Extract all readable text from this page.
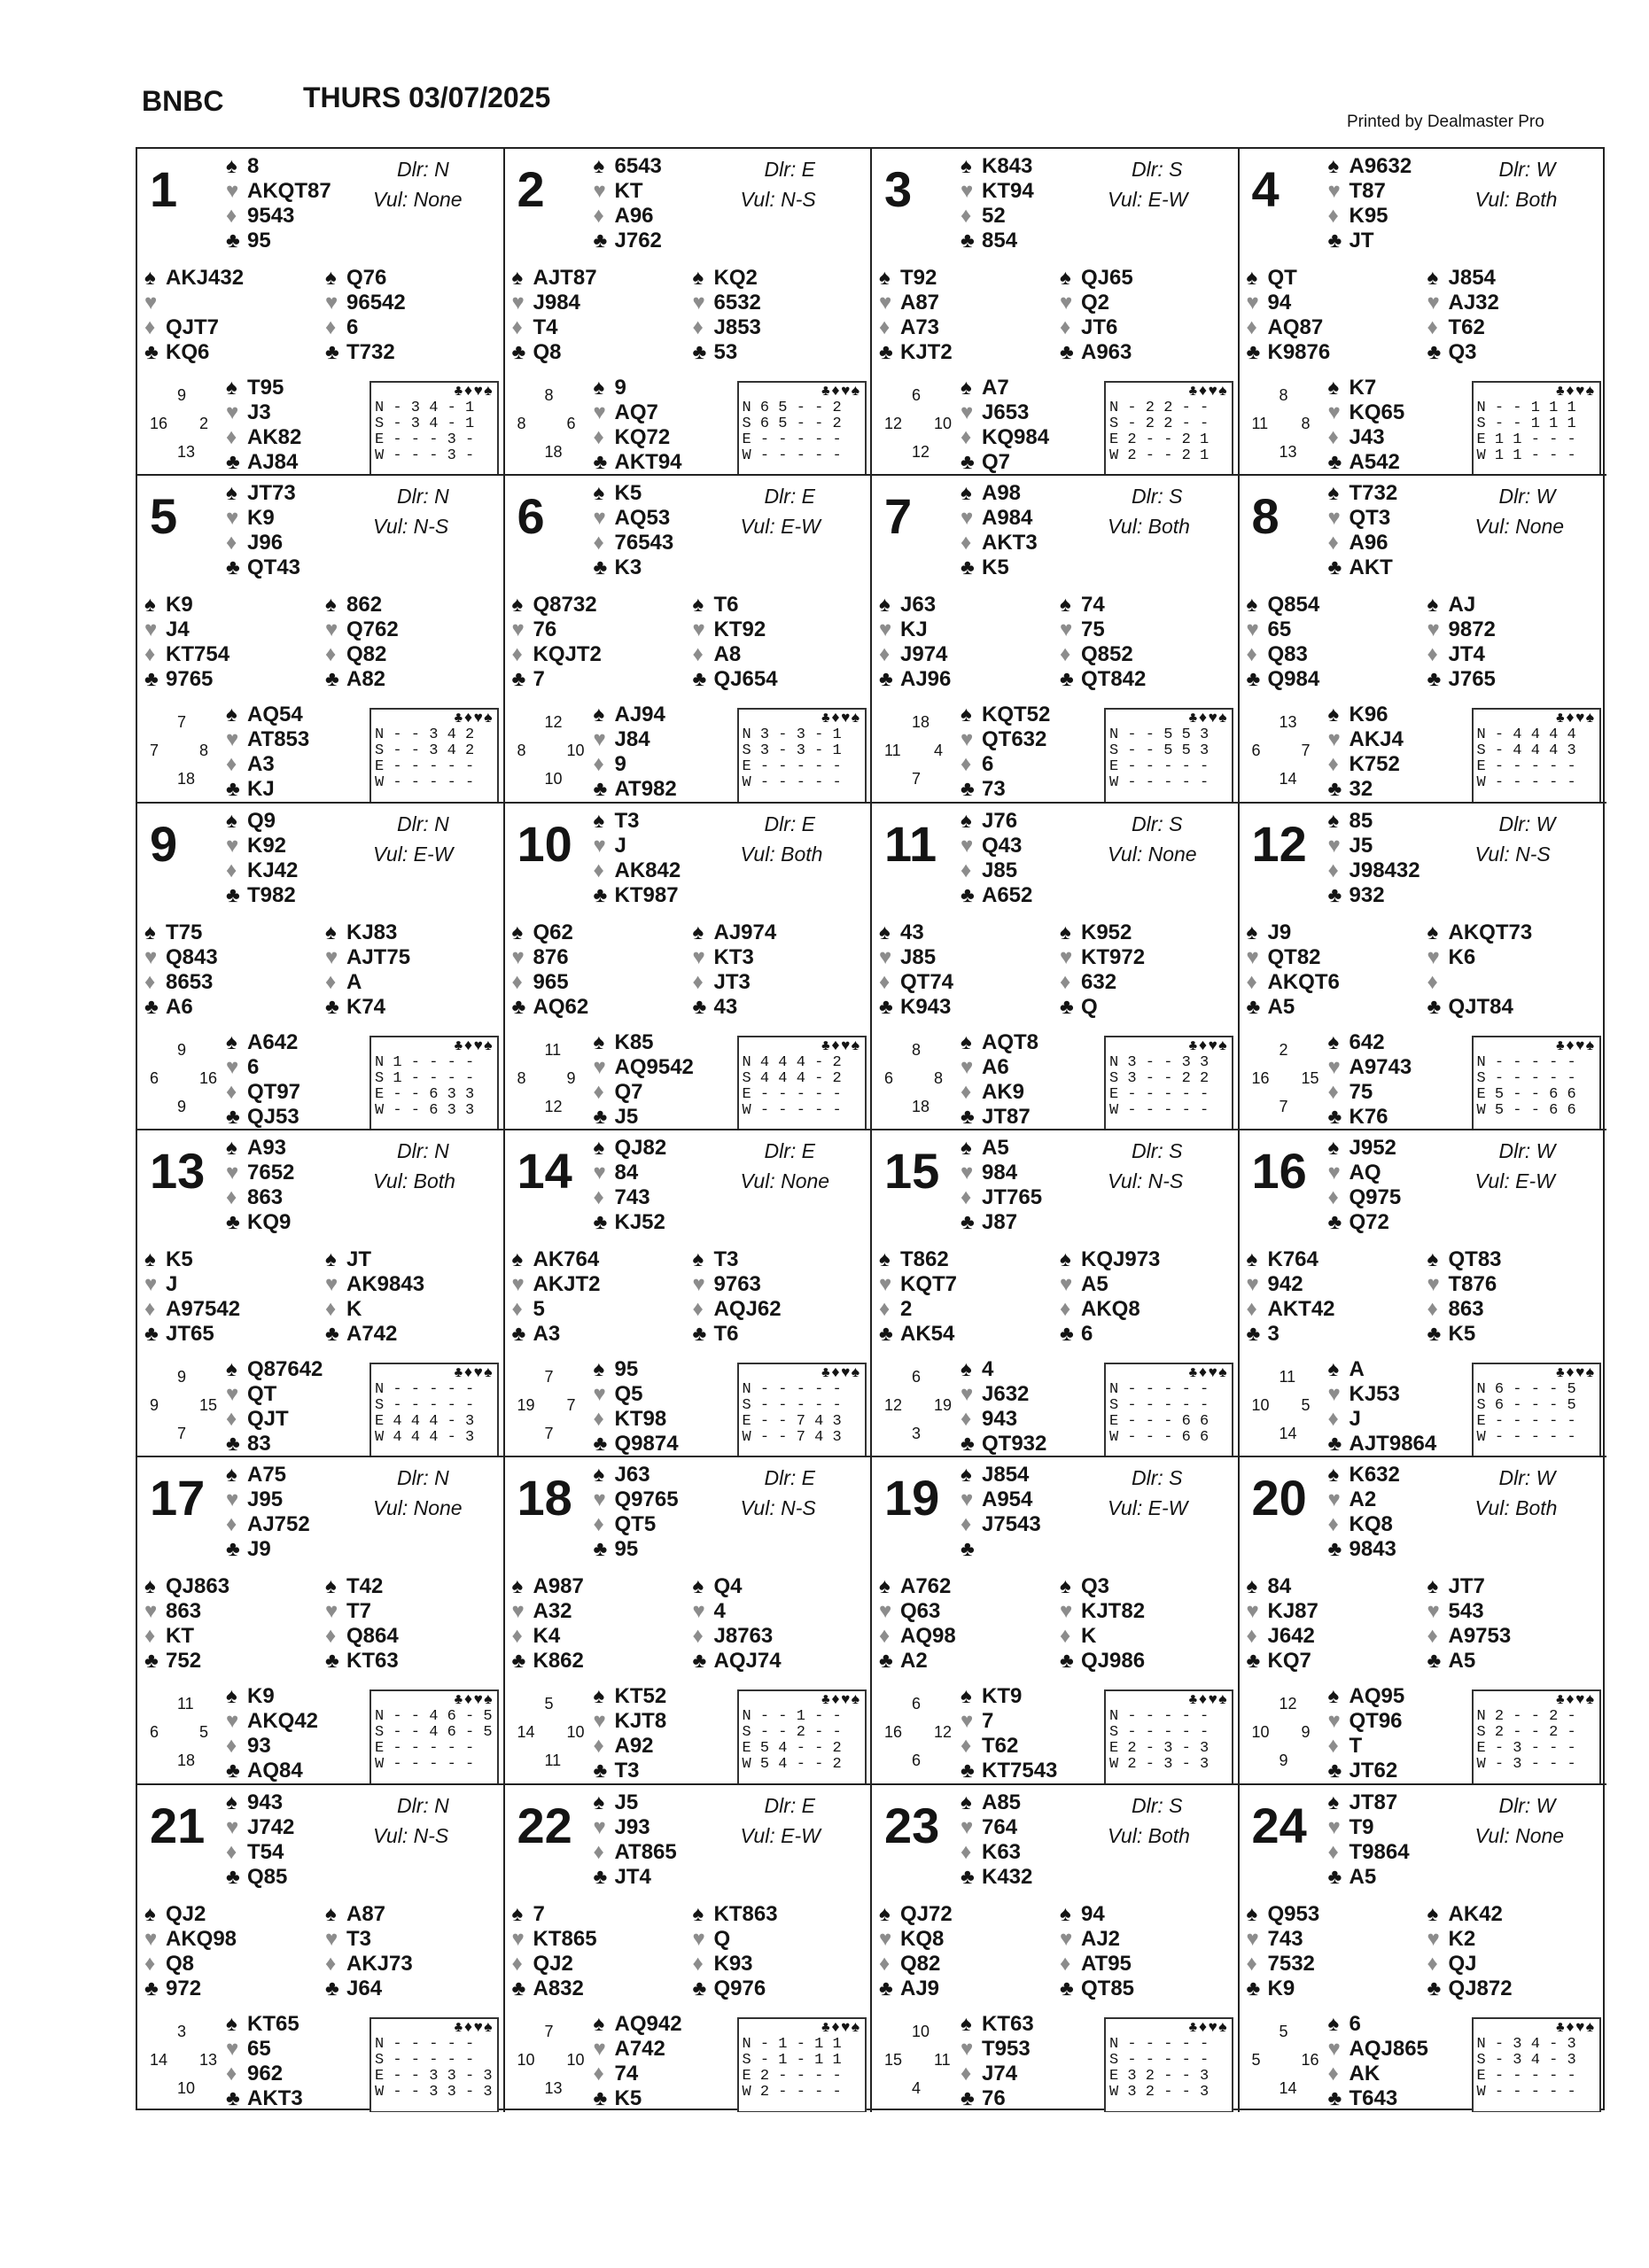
BNBC	THURS 03/07/2025
Printed by Dealmaster Pro
1	Dlr: N
Vul: None
♠ 8
♥ AKQT87
♦ 9543
♣ 95
♠ AKJ432
♥
♦ QJT7
♣ KQ6
♠ Q76
♥ 96542
♦ 6
♣ T732
♠ T95
♥ J3
♦ AK82
♣ AJ84
9
16 2
13
♣♦♥♠
N - 3 4 - 1
S - 3 4 - 1
E - - - 3 -
W - - - 3 -
2	Dlr: E
Vul: N-S
♠ 6543
♥ KT
♦ A96
♣ J762
♠ AJT87
♥ J984
♦ T4
♣ Q8
♠ KQ2
♥ 6532
♦ J853
♣ 53
♠ 9
♥ AQ7
♦ KQ72
♣ AKT94
8
8	6
18
♣♦♥♠
N 6 5 - - 2
S 6 5 - - 2
E - - - - -
W - - - - -
3	Dlr: S
Vul: E-W
♠ K843
♥ KT94
♦ 52
♣ 854
♠ T92
♥ A87
♦ A73
♣ KJT2
♠ QJ65
♥ Q2
♦ JT6
♣ A963
♠ A7
♥ J653
♦ KQ984
♣ Q7
6
12 10
12
♣♦♥♠
N - 2 2 - -
S - 2 2 - -
E 2 - - 2 1
W 2 - - 2 1
4	Dlr: W
Vul: Both
♠ A9632
♥ T87
♦ K95
♣ JT
♠ QT
♥ 94
♦ AQ87
♣ K9876
♠ J854
♥ AJ32
♦ T62
♣ Q3
♠ K7
♥ KQ65
♦ J43
♣ A542
8
11 8
13
♣♦♥♠
N - - 1 1 1
S - - 1 1 1
E 1 1 - - -
W 1 1 - - -
5	Dlr: N
Vul: N-S
♠ JT73
♥ K9
♦ J96
♣ QT43
♠ K9
♥ J4
♦ KT754
♣ 9765
♠ 862
♥ Q762
♦ Q82
♣ A82
♠ AQ54
♥ AT853
♦ A3
♣ KJ
7
7	8
18
♣♦♥♠
N - - 3 4 2
S - - 3 4 2
E - - - - -
W - - - - -
6	Dlr: E
Vul: E-W
♠ K5
♥ AQ53
♦ 76543
♣ K3
♠ Q8732
♥ 76
♦ KQJT2
♣ 7
♠ T6
♥ KT92
♦ A8
♣ QJ654
♠ AJ94
♥ J84
♦ 9
♣ AT982
12
8	10
10
♣♦♥♠
N 3 - 3 - 1
S 3 - 3 - 1
E - - - - -
W - - - - -
7	Dlr: S
Vul: Both
♠ A98
♥ A984
♦ AKT3
♣ K5
♠ J63
♥ KJ
♦ J974
♣ AJ96
♠ 74
♥ 75
♦ Q852
♣ QT842
♠ KQT52
♥ QT632
♦ 6
♣ 73
18
11 4
7
♣♦♥♠
N - - 5 5 3
S - - 5 5 3
E - - - - -
W - - - - -
8	Dlr: W
Vul: None
♠ T732
♥ QT3
♦ A96
♣ AKT
♠ Q854
♥ 65
♦ Q83
♣ Q984
♠ AJ
♥ 9872
♦ JT4
♣ J765
♠ K96
♥ AKJ4
♦ K752
♣ 32
13
6	7
14
♣♦♥♠
N - 4 4 4 4
S - 4 4 4 3
E - - - - -
W - - - - -
9	Dlr: N
Vul: E-W
♠ Q9
♥ K92
♦ KJ42
♣ T982
♠ T75
♥ Q843
♦ 8653
♣ A6
♠ KJ83
♥ AJT75
♦ A
♣ K74
♠ A642
♥ 6
♦ QT97
♣ QJ53
9
6	16
9
♣♦♥♠
N 1 - - - -
S 1 - - - -
E - - 6 3 3
W - - 6 3 3
10	Dlr: E
Vul: Both
♠ T3
♥ J
♦ AK842
♣ KT987
♠ Q62
♥ 876
♦ 965
♣ AQ62
♠ AJ974
♥ KT3
♦ JT3
♣ 43
♠ K85
♥ AQ9542
♦ Q7
♣ J5
11
8	9
12
♣♦♥♠
N 4 4 4 - 2
S 4 4 4 - 2
E - - - - -
W - - - - -
11	Dlr: S
Vul: None
♠ J76
♥ Q43
♦ J85
♣ A652
♠ 43
♥ J85
♦ QT74
♣ K943
♠ K952
♥ KT972
♦ 632
♣ Q
♠ AQT8
♥ A6
♦ AK9
♣ JT87
8
6	8
18
♣♦♥♠
N 3 - - 3 3
S 3 - - 2 2
E - - - - -
W - - - - -
12	Dlr: W
Vul: N-S
♠ 85
♥ J5
♦ J98432
♣ 932
♠ J9
♥ QT82
♦ AKQT6
♣ A5
♠ AKQT73
♥ K6
♦
♣ QJT84
♠ 642
♥ A9743
♦ 75
♣ K76
2
16 15
7
♣♦♥♠
N - - - - -
S - - - - -
E 5 - - 6 6
W 5 - - 6 6
13	Dlr: N
Vul: Both
♠ A93
♥ 7652
♦ 863
♣ KQ9
♠ K5
♥ J
♦ A97542
♣ JT65
♠ JT
♥ AK9843
♦ K
♣ A742
♠ Q87642
♥ QT
♦ QJT
♣ 83
9
9	15
7
♣♦♥♠
N - - - - -
S - - - - -
E 4 4 4 - 3
W 4 4 4 - 3
14	Dlr: E
Vul: None
♠ QJ82
♥ 84
♦ 743
♣ KJ52
♠ AK764
♥ AKJT2
♦ 5
♣ A3
♠ T3
♥ 9763
♦ AQJ62
♣ T6
♠ 95
♥ Q5
♦ KT98
♣ Q9874
7
19 7
7
♣♦♥♠
N - - - - -
S - - - - -
E - - 7 4 3
W - - 7 4 3
15	Dlr: S
Vul: N-S
♠ A5
♥ 984
♦ JT765
♣ J87
♠ T862
♥ KQT7
♦ 2
♣ AK54
♠ KQJ973
♥ A5
♦ AKQ8
♣ 6
♠ 4
♥ J632
♦ 943
♣ QT932
6
12 19
3
♣♦♥♠
N - - - - -
S - - - - -
E - - - 6 6
W - - - 6 6
16	Dlr: W
Vul: E-W
♠ J952
♥ AQ
♦ Q975
♣ Q72
♠ K764
♥ 942
♦ AKT42
♣ 3
♠ QT83
♥ T876
♦ 863
♣ K5
♠ A
♥ KJ53
♦ J
♣ AJT9864
11
10 5
14
♣♦♥♠
N 6 - - - 5
S 6 - - - 5
E - - - - -
W - - - - -
17	Dlr: N
Vul: None
♠ A75
♥ J95
♦ AJ752
♣ J9
♠ QJ863
♥ 863
♦ KT
♣ 752
♠ T42
♥ T7
♦ Q864
♣ KT63
♠ K9
♥ AKQ42
♦ 93
♣ AQ84
11
6	5
18
♣♦♥♠
N - - 4 6 - 5
S - - 4 6 - 5
E - - - - -
W - - - - -
18	Dlr: E
Vul: N-S
♠ J63
♥ Q9765
♦ QT5
♣ 95
♠ A987
♥ A32
♦ K4
♣ K862
♠ Q4
♥ 4
♦ J8763
♣ AQJ74
♠ KT52
♥ KJT8
♦ A92
♣ T3
5
14 10
11
♣♦♥♠
N - - 1 - -
S - - 2 - -
E 5 4 - - 2
W 5 4 - - 2
19	Dlr: S
Vul: E-W
♠ J854
♥ A954
♦ J7543
♣
♠ A762
♥ Q63
♦ AQ98
♣ A2
♠ Q3
♥ KJT82
♦ K
♣ QJ986
♠ KT9
♥ 7
♦ T62
♣ KT7543
6
16 12
6
♣♦♥♠
N - - - - -
S - - - - -
E 2 - 3 - 3
W 2 - 3 - 3
20	Dlr: W
Vul: Both
♠ K632
♥ A2
♦ KQ8
♣ 9843
♠ 84
♥ KJ87
♦ J642
♣ KQ7
♠ JT7
♥ 543
♦ A9753
♣ A5
♠ AQ95
♥ QT96
♦ T
♣ JT62
12
10 9
9
♣♦♥♠
N 2 - - 2 -
S 2 - - 2 -
E - 3 - - -
W - 3 - - -
21	Dlr: N
Vul: N-S
♠ 943
♥ J742
♦ T54
♣ Q85
♠ QJ2
♥ AKQ98
♦ Q8
♣ 972
♠ A87
♥ T3
♦ AKJ73
♣ J64
♠ KT65
♥ 65
♦ 962
♣ AKT3
3
14 13
10
♣♦♥♠
N - - - - -
S - - - - -
E - - 3 3 - 3
W - - 3 3 - 3
22	Dlr: E
Vul: E-W
♠ J5
♥ J93
♦ AT865
♣ JT4
♠ 7
♥ KT865
♦ QJ2
♣ A832
♠ KT863
♥ Q
♦ K93
♣ Q976
♠ AQ942
♥ A742
♦ 74
♣ K5
7
10 10
13
♣♦♥♠
N - 1 - 1 1
S - 1 - 1 1
E 2 - - - -
W 2 - - - -
23	Dlr: S
Vul: Both
♠ A85
♥ 764
♦ K63
♣ K432
♠ QJ72
♥ KQ8
♦ Q82
♣ AJ9
♠ 94
♥ AJ2
♦ AT95
♣ QT85
♠ KT63
♥ T953
♦ J74
♣ 76
10
15 11
4
♣♦♥♠
N - - - - -
S - - - - -
E 3 2 - - 3
W 3 2 - - 3
24	Dlr: W
Vul: None
♠ JT87
♥ T9
♦ T9864
♣ A5
♠ Q953
♥ 743
♦ 7532
♣ K9
♠ AK42
♥ K2
♦ QJ
♣ QJ872
♠ 6
♥ AQJ865
♦ AK
♣ T643
5
5	16
14
♣♦♥♠
N - 3 4 - 3
S - 3 4 - 3
E - - - - -
W - - - - -
